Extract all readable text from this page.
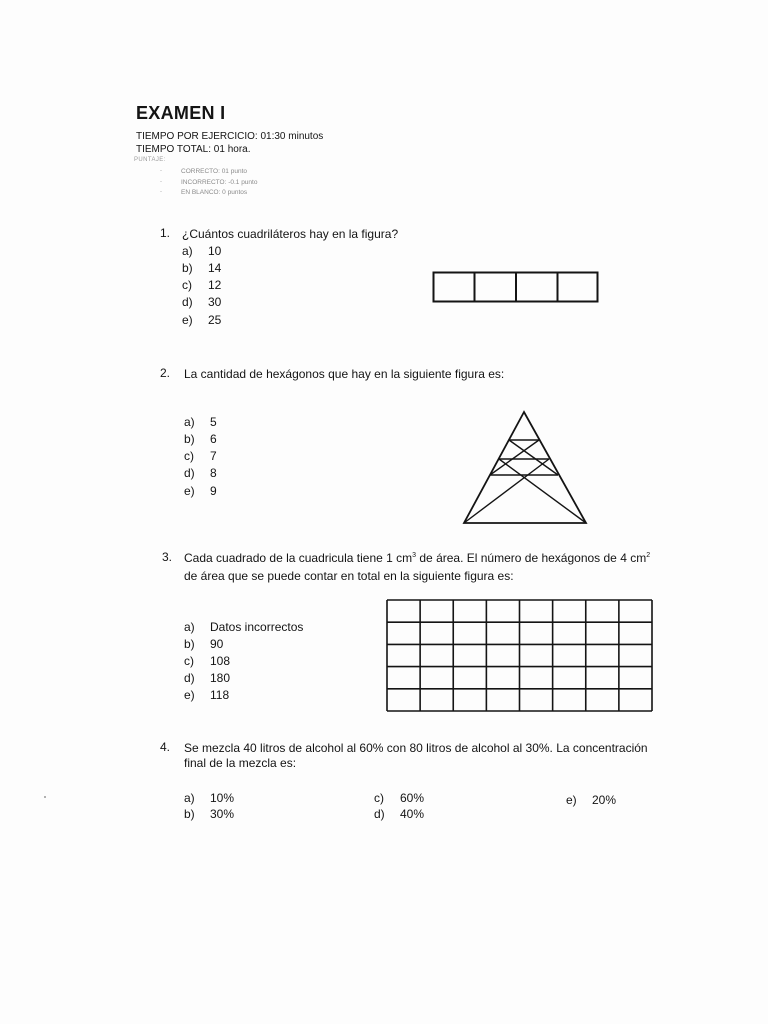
EXAMEN I
TIEMPO POR EJERCICIO: 01:30 minutos
TIEMPO TOTAL: 01 hora.
PUNTAJE:
-	CORRECTO: 01 punto
-	INCORRECTO: -0.1 punto
-	EN BLANCO: 0 puntos
1. ¿Cuántos cuadriláteros hay en la figura?
a) 10
b) 14
c) 12
d) 30
e) 25
2. La cantidad de hexágonos que hay en la siguiente figura es:
a) 5
b) 6
c) 7
d) 8
e) 9
3. Cada cuadrado de la cuadricula tiene 1 $cm^3$ de área. El número de hexágonos de 4 $cm^2$
de área que se puede contar en total en la siguiente figura es:
a) Datos incorrectos
b) 90
c) 108
d) 180
e) 118
4. Se mezcla 40 litros de alcohol al 60% con 80 litros de alcohol al 30%. La concentración
final de la mezcla es:
a) 10%
b) 30%
c) 60%
d) 40%
e) 20%
